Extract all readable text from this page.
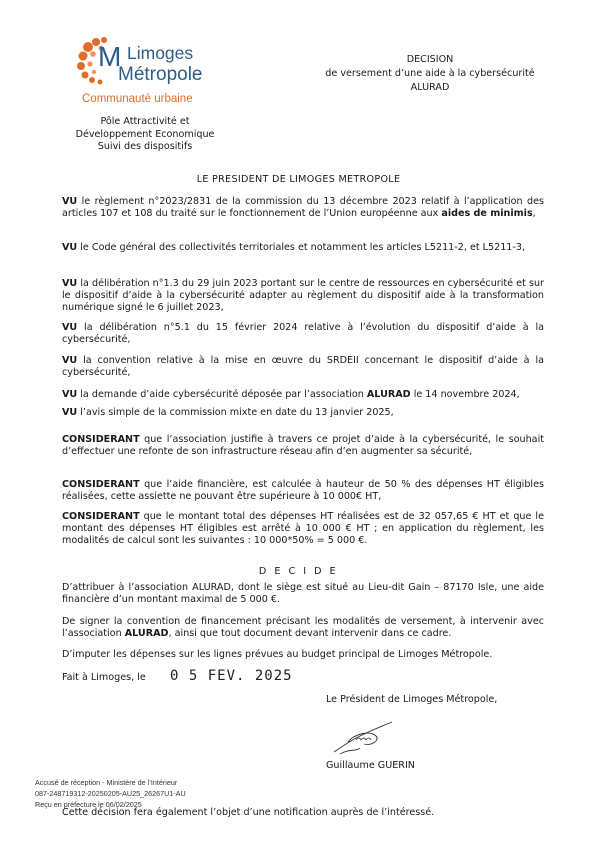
M Limoges
Métropole
Communauté urbaine
Pôle Attractivité et
Développement Economique
Suivi des dispositifs
DECISION
de versement d’une aide à la cybersécurité
ALURAD
LE PRESIDENT DE LIMOGES METROPOLE
VU le règlement n°2023/2831 de la commission du 13 décembre 2023 relatif à l’application des articles 107 et 108 du traité sur le fonctionnement de l’Union européenne aux aides de minimis,
VU le Code général des collectivités territoriales et notamment les articles L5211-2, et L5211-3,
VU la délibération n°1.3 du 29 juin 2023 portant sur le centre de ressources en cybersécurité et sur le dispositif d’aide à la cybersécurité adapter au règlement du dispositif aide à la transformation numérique signé le 6 juillet 2023,
VU la délibération n°5.1 du 15 février 2024 relative à l’évolution du dispositif d’aide à la cybersécurité,
VU la convention relative à la mise en œuvre du SRDEII concernant le dispositif d’aide à la cybersécurité,
VU la demande d’aide cybersécurité déposée par l’association ALURAD le 14 novembre 2024,
VU l’avis simple de la commission mixte en date du 13 janvier 2025,
CONSIDERANT que l’association justifie à travers ce projet d’aide à la cybersécurité, le souhait d’effectuer une refonte de son infrastructure réseau afin d’en augmenter sa sécurité,
CONSIDERANT que l’aide financière, est calculée à hauteur de 50 % des dépenses HT éligibles réalisées, cette assiette ne pouvant être supérieure à 10 000€ HT,
CONSIDERANT que le montant total des dépenses HT réalisées est de 32 057,65 € HT et que le montant des dépenses HT éligibles est arrêté à 10 000 € HT ; en application du règlement, les modalités de calcul sont les suivantes : 10 000*50% = 5 000 €.
D E C I D E
D’attribuer à l’association ALURAD, dont le siège est situé au Lieu-dit Gain – 87170 Isle, une aide financière d’un montant maximal de 5 000 €.
De signer la convention de financement précisant les modalités de versement, à intervenir avec l’association ALURAD, ainsi que tout document devant intervenir dans ce cadre.
D’imputer les dépenses sur les lignes prévues au budget principal de Limoges Métropole.
Fait à Limoges, le 0 5 FEV. 2025
Le Président de Limoges Métropole,
Guillaume GUERIN
Accusé de réception - Ministère de l’Intérieur
087-248719312-20250205-AU25_26267U1-AU
Reçu en préfecture le 06/02/2025
Cette décision fera également l’objet d’une notification auprès de l’intéressé.
